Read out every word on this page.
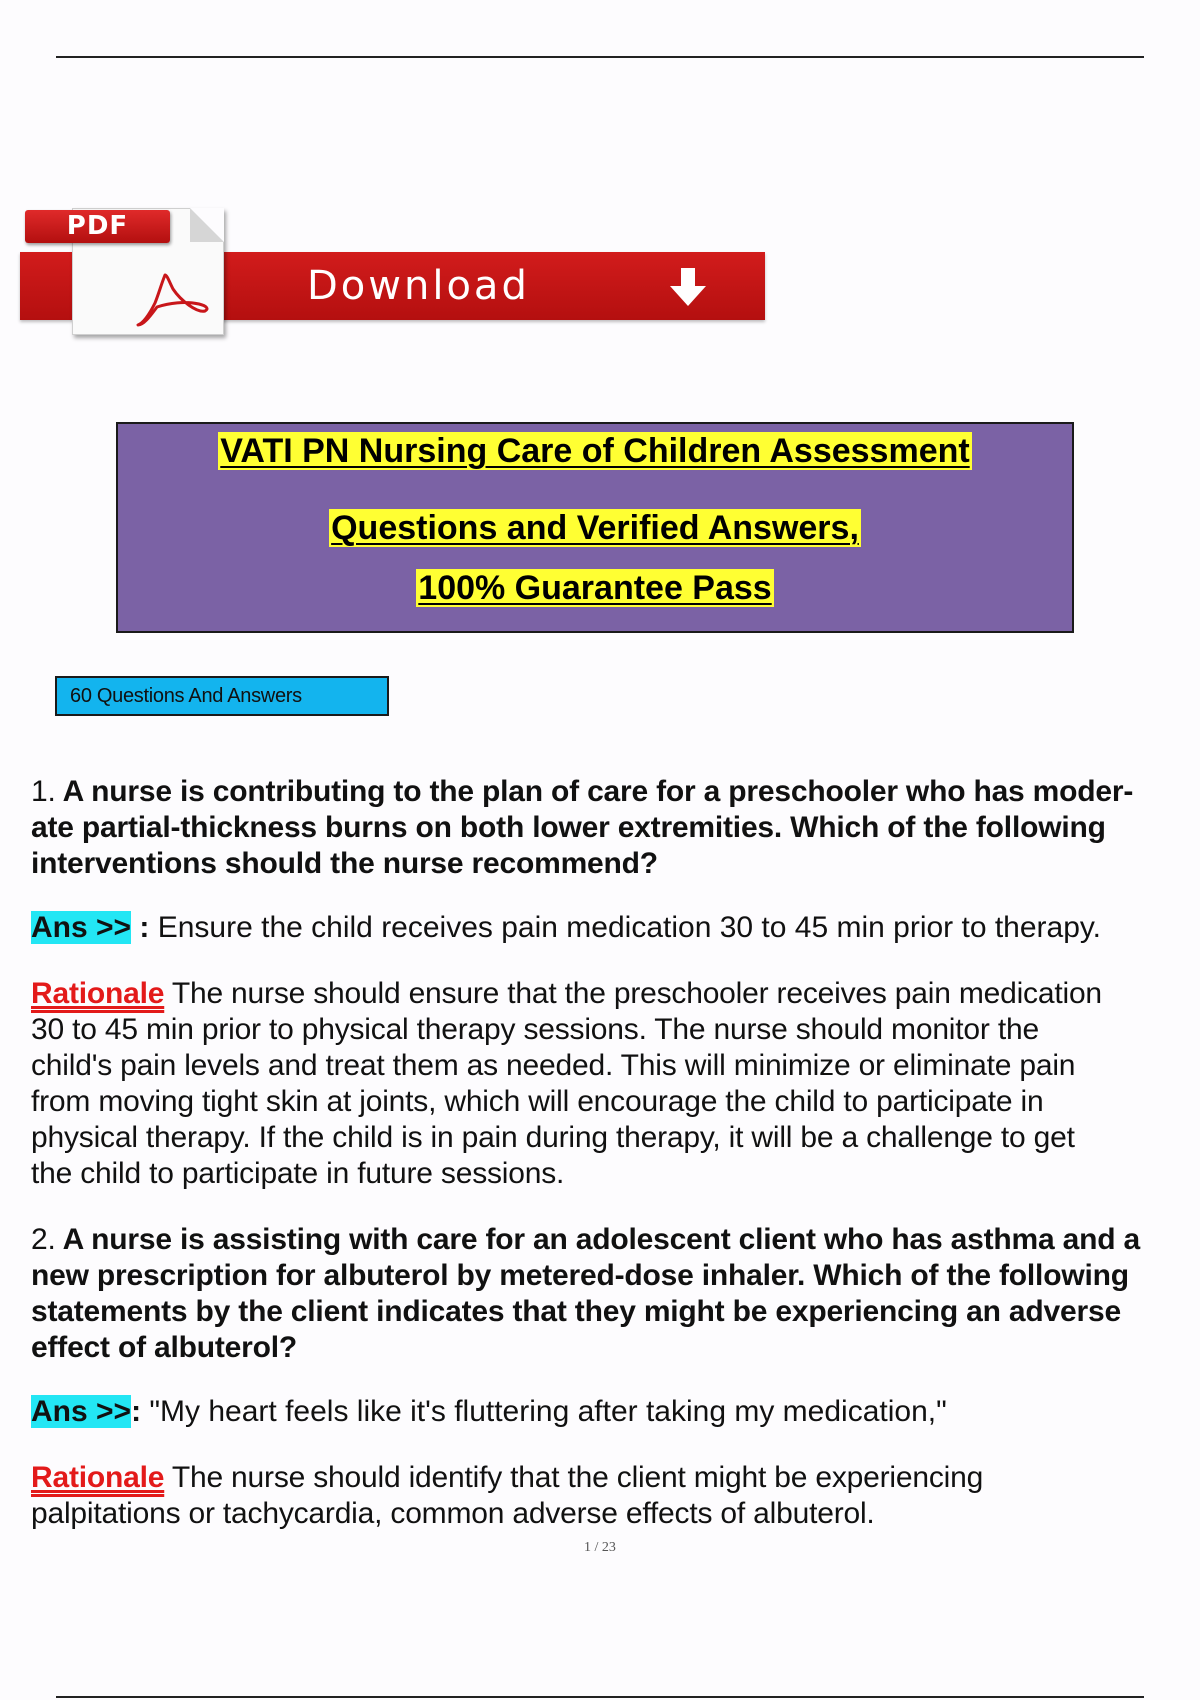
PDF
Download
VATI PN Nursing Care of Children Assessment
Questions and Verified Answers,
100% Guarantee Pass
60 Questions And Answers

1. A nurse is contributing to the plan of care for a preschooler who has moder-
ate partial-thickness burns on both lower extremities. Which of the following
interventions should the nurse recommend?

Ans >> : Ensure the child receives pain medication 30 to 45 min prior to therapy.

Rationale The nurse should ensure that the preschooler receives pain medication
30 to 45 min prior to physical therapy sessions. The nurse should monitor the
child's pain levels and treat them as needed. This will minimize or eliminate pain
from moving tight skin at joints, which will encourage the child to participate in
physical therapy. If the child is in pain during therapy, it will be a challenge to get
the child to participate in future sessions.

2. A nurse is assisting with care for an adolescent client who has asthma and a
new prescription for albuterol by metered-dose inhaler. Which of the following
statements by the client indicates that they might be experiencing an adverse
effect of albuterol?

Ans >>: "My heart feels like it's fluttering after taking my medication,"

Rationale The nurse should identify that the client might be experiencing
palpitations or tachycardia, common adverse effects of albuterol.

1 / 23
